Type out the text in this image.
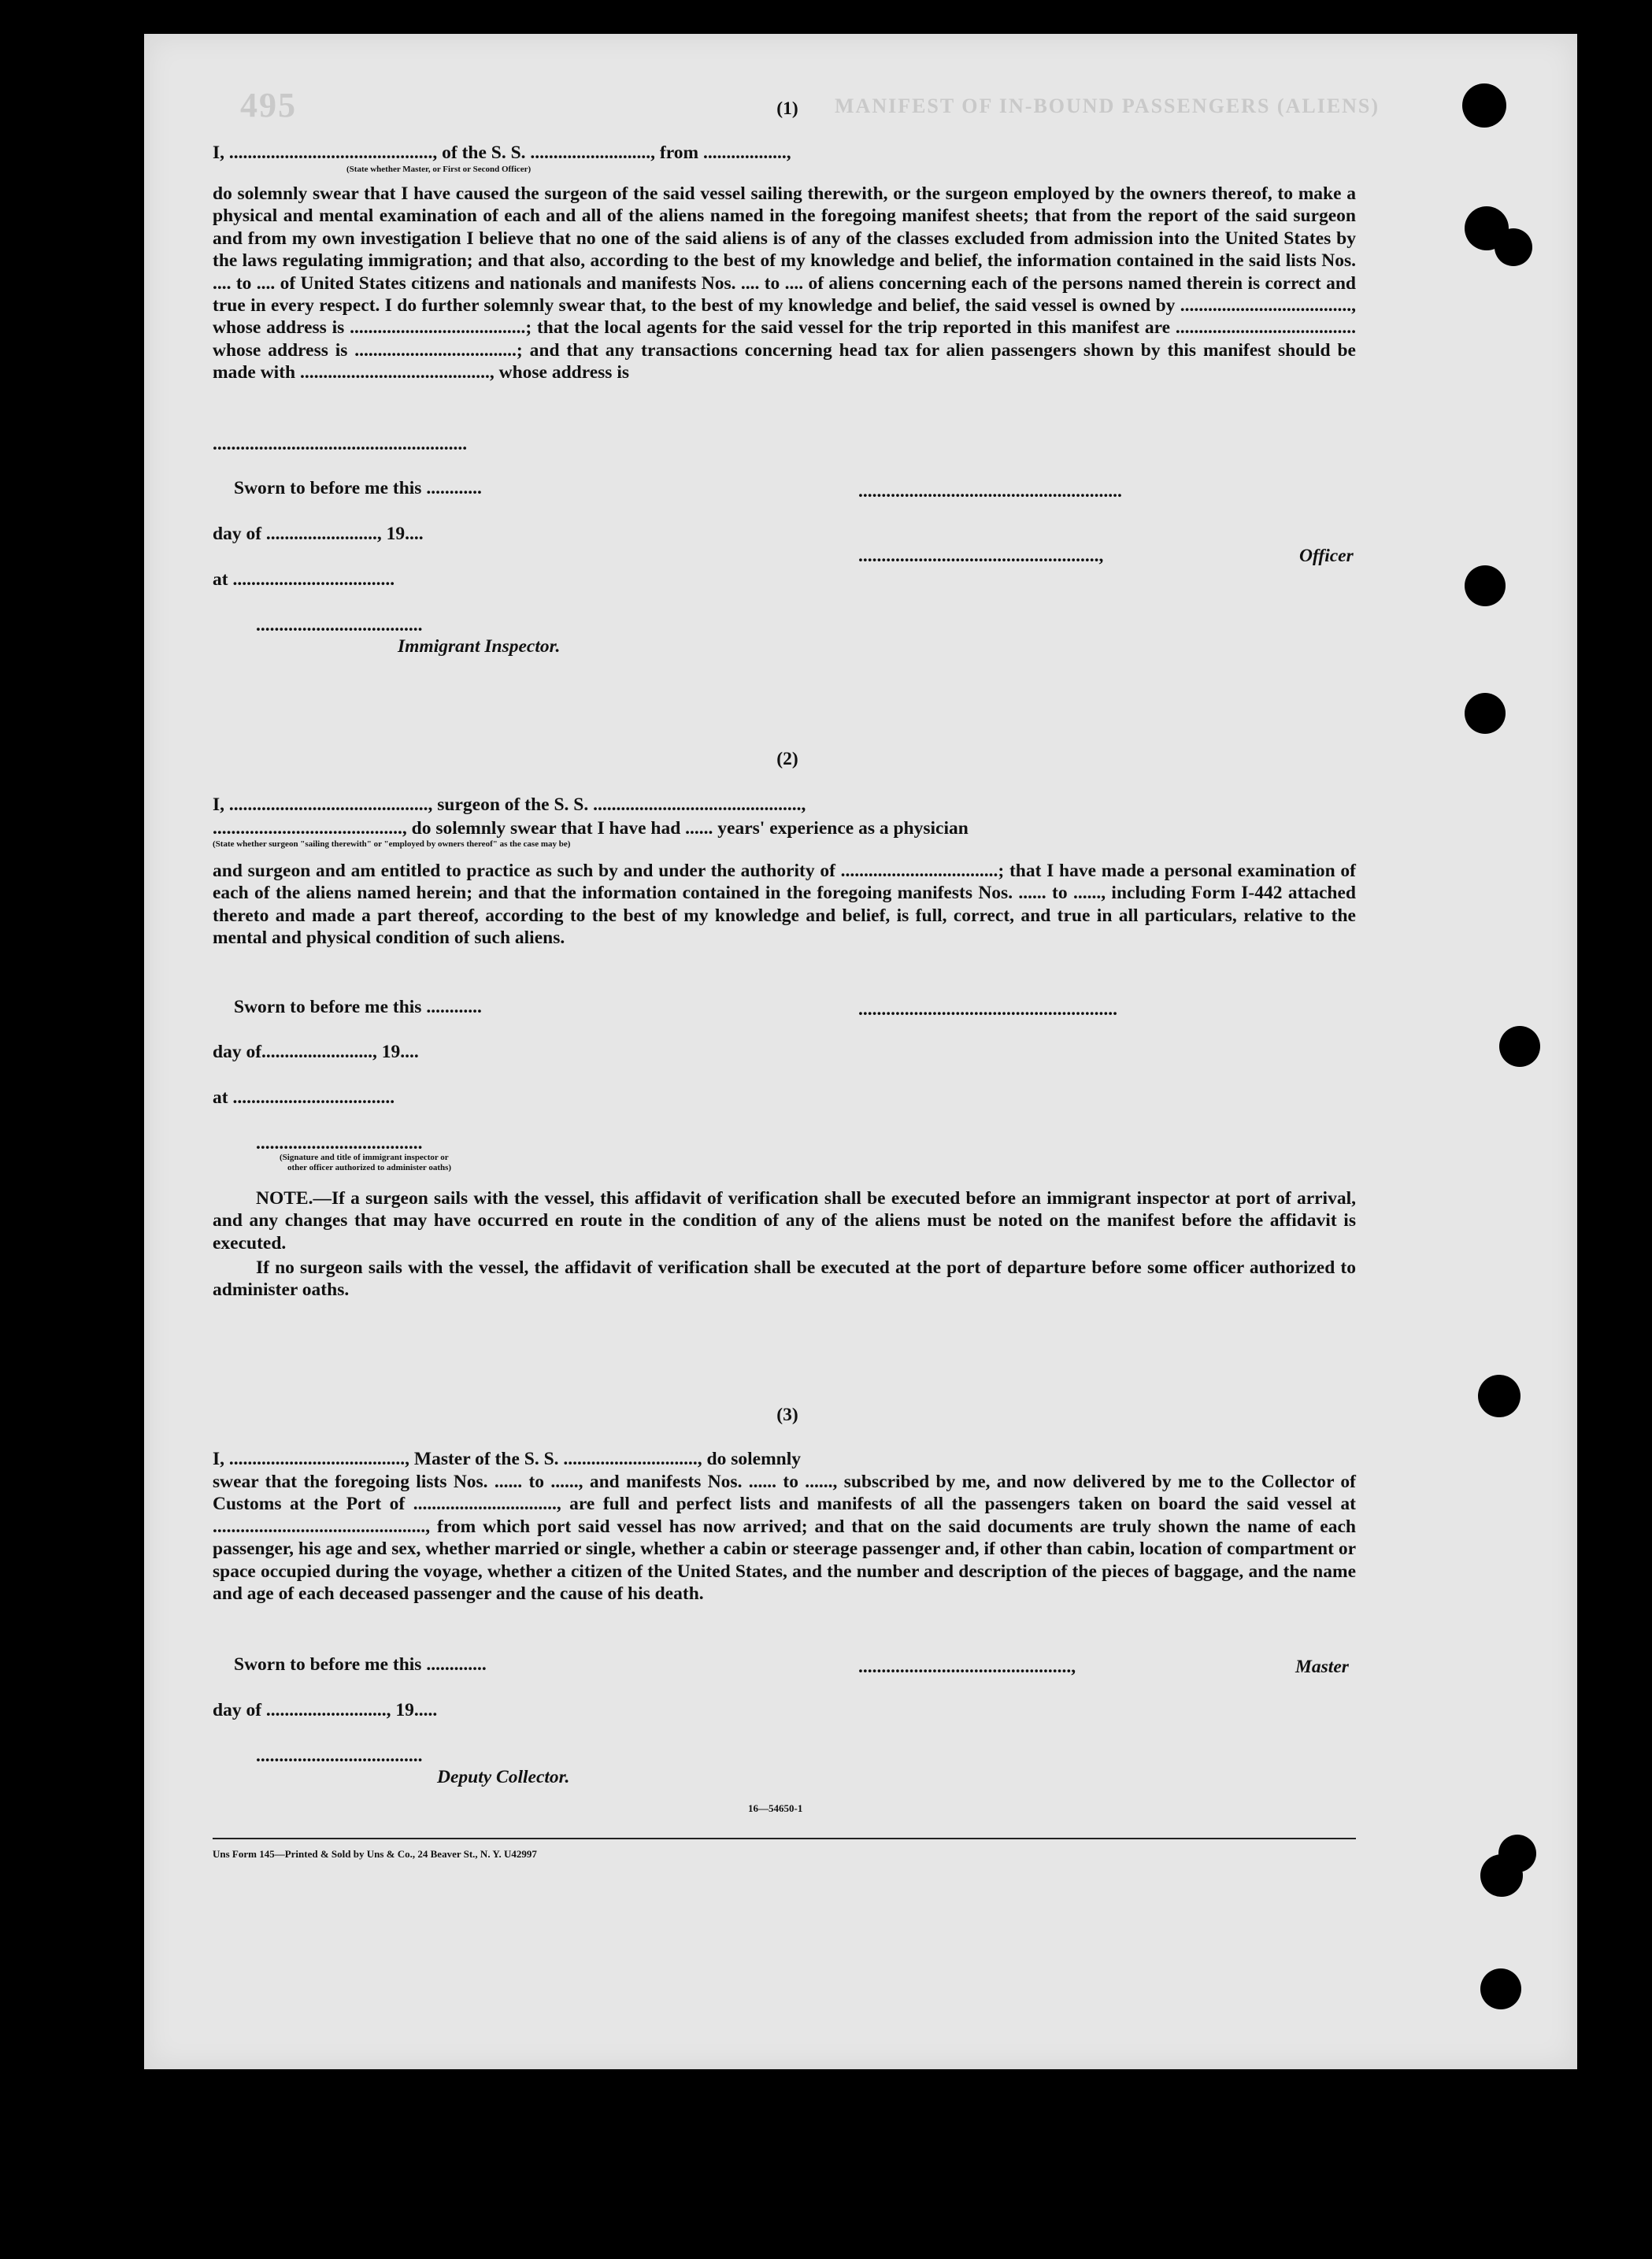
495	MANIFEST OF IN-BOUND PASSENGERS (ALIENS)
(1)
I, ............................................, of the S. S. .........................., from ..................,
(State whether Master, or First or Second Officer)
do solemnly swear that I have caused the surgeon of the said vessel sailing therewith, or the surgeon employed by the owners thereof, to make a physical and mental examination of each and all of the aliens named in the foregoing manifest sheets; that from the report of the said surgeon and from my own investigation I believe that no one of the said aliens is of any of the classes excluded from admission into the United States by the laws regulating immigration; and that also, according to the best of my knowledge and belief, the information contained in the said lists Nos. .... to .... of United States citizens and nationals and manifests Nos. .... to .... of aliens concerning each of the persons named therein is correct and true in every respect. I do further solemnly swear that, to the best of my knowledge and belief, the said vessel is owned by ....................................., whose address is ......................................; that the local agents for the said vessel for the trip reported in this manifest are ....................................... whose address is ...................................; and that any transactions concerning head tax for alien passengers shown by this manifest should be made with ........................................., whose address is
.......................................................
Sworn to before me this ............
day of ........................, 19....
at ...................................
....................................
Immigrant Inspector.
.........................................................
....................................................,	Officer
(2)
I, ..........................................., surgeon of the S. S. .............................................,
........................................., do solemnly swear that I have had ...... years' experience as a physician
(State whether surgeon "sailing therewith" or "employed by owners thereof" as the case may be)
and surgeon and am entitled to practice as such by and under the authority of ..................................; that I have made a personal examination of each of the aliens named herein; and that the information contained in the foregoing manifests Nos. ...... to ......, including Form I-442 attached thereto and made a part thereof, according to the best of my knowledge and belief, is full, correct, and true in all particulars, relative to the mental and physical condition of such aliens.
Sworn to before me this ............
day of........................, 19....
at ...................................
....................................
(Signature and title of immigrant inspector or
other officer authorized to administer oaths)
........................................................
NOTE.—If a surgeon sails with the vessel, this affidavit of verification shall be executed before an immigrant inspector at port of arrival, and any changes that may have occurred en route in the condition of any of the aliens must be noted on the manifest before the affidavit is executed.
If no surgeon sails with the vessel, the affidavit of verification shall be executed at the port of departure before some officer authorized to administer oaths.
(3)
I, ......................................, Master of the S. S. ............................., do solemnly
swear that the foregoing lists Nos. ...... to ......, and manifests Nos. ...... to ......, subscribed by me, and now delivered by me to the Collector of Customs at the Port of ..............................., are full and perfect lists and manifests of all the passengers taken on board the said vessel at .............................................., from which port said vessel has now arrived; and that on the said documents are truly shown the name of each passenger, his age and sex, whether married or single, whether a cabin or steerage passenger and, if other than cabin, location of compartment or space occupied during the voyage, whether a citizen of the United States, and the number and description of the pieces of baggage, and the name and age of each deceased passenger and the cause of his death.
Sworn to before me this .............
day of .........................., 19.....
....................................
Deputy Collector.
..............................................,	Master
16—54650-1
Uns Form 145—Printed & Sold by Uns & Co., 24 Beaver St., N. Y. U42997
